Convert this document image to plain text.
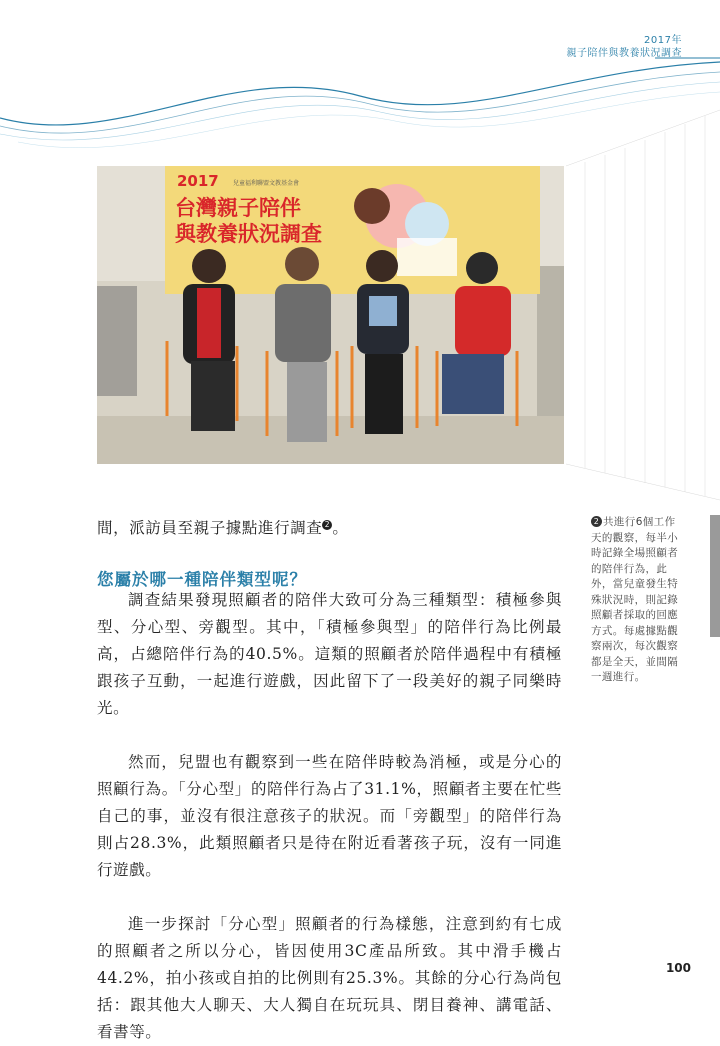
2017年
親子陪伴與教養狀況調查
2017 兒童福利聯盟文教基金會
台灣親子陪伴
與教養狀況調查

間，派訪員至親子據點進行調查 2 。

您屬於哪一種陪伴類型呢？

調查結果發現照顧者的陪伴大致可分為三種類型：積極參與型、分心型、旁觀型。其中，「積極參與型」的陪伴行為比例最高，占總陪伴行為的40.5%。這類的照顧者於陪伴過程中有積極跟孩子互動，一起進行遊戲，因此留下了一段美好的親子同樂時光。

然而，兒盟也有觀察到一些在陪伴時較為消極，或是分心的照顧行為。「分心型」的陪伴行為占了31.1%，照顧者主要在忙些自己的事，並沒有很注意孩子的狀況。而「旁觀型」的陪伴行為則占28.3%，此類照顧者只是待在附近看著孩子玩，沒有一同進行遊戲。

進一步探討「分心型」照顧者的行為樣態，注意到約有七成的照顧者之所以分心，皆因使用3C產品所致。其中滑手機占44.2%，拍小孩或自拍的比例則有25.3%。其餘的分心行為尚包括：跟其他大人聊天、大人獨自在玩玩具、閉目養神、講電話、看書等。

2 共進行6個工作天的觀察，每半小時記錄全場照顧者的陪伴行為，此外，當兒童發生特殊狀況時，則記錄照顧者採取的回應方式。每處據點觀察兩次，每次觀察都是全天，並間隔一週進行。
100
